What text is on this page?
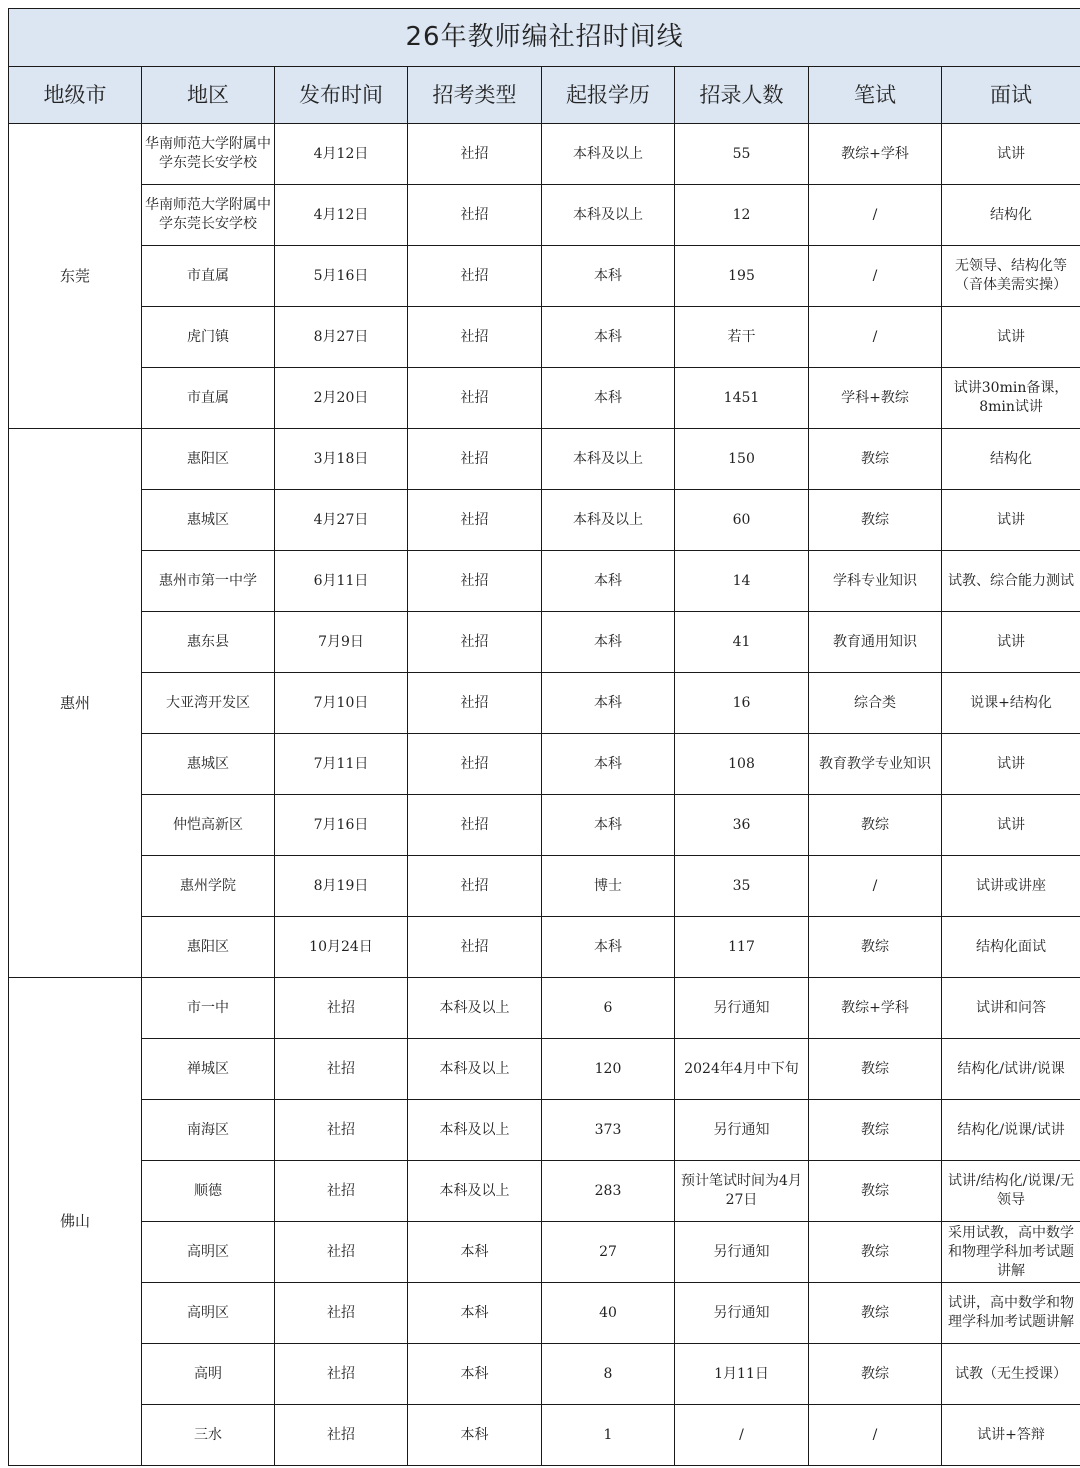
26年教师编社招时间线							
地级市	地区	发布时间	招考类型	起报学历	招录人数	笔试	面试
东莞	华南师范大学附属中学东莞长安学校	4月12日	社招	本科及以上	55	教综+学科	试讲
	华南师范大学附属中学东莞长安学校	4月12日	社招	本科及以上	12	/	结构化
	市直属	5月16日	社招	本科	195	/	无领导、结构化等（音体美需实操）
	虎门镇	8月27日	社招	本科	若干	/	试讲
	市直属	2月20日	社招	本科	1451	学科+教综	试讲30min备课，8min试讲
惠州	惠阳区	3月18日	社招	本科及以上	150	教综	结构化
	惠城区	4月27日	社招	本科及以上	60	教综	试讲
	惠州市第一中学	6月11日	社招	本科	14	学科专业知识	试教、综合能力测试
	惠东县	7月9日	社招	本科	41	教育通用知识	试讲
	大亚湾开发区	7月10日	社招	本科	16	综合类	说课+结构化
	惠城区	7月11日	社招	本科	108	教育教学专业知识	试讲
	仲恺高新区	7月16日	社招	本科	36	教综	试讲
	惠州学院	8月19日	社招	博士	35	/	试讲或讲座
	惠阳区	10月24日	社招	本科	117	教综	结构化面试
佛山	市一中	社招	本科及以上	6	另行通知	教综+学科	试讲和问答
	禅城区	社招	本科及以上	120	2024年4月中下旬	教综	结构化/试讲/说课
	南海区	社招	本科及以上	373	另行通知	教综	结构化/说课/试讲
	顺德	社招	本科及以上	283	预计笔试时间为4月27日	教综	试讲/结构化/说课/无领导
	高明区	社招	本科	27	另行通知	教综	采用试教，高中数学和物理学科加考试题讲解
	高明区	社招	本科	40	另行通知	教综	试讲，高中数学和物理学科加考试题讲解
	高明	社招	本科	8	1月11日	教综	试教（无生授课）
	三水	社招	本科	1	/	/	试讲+答辩
